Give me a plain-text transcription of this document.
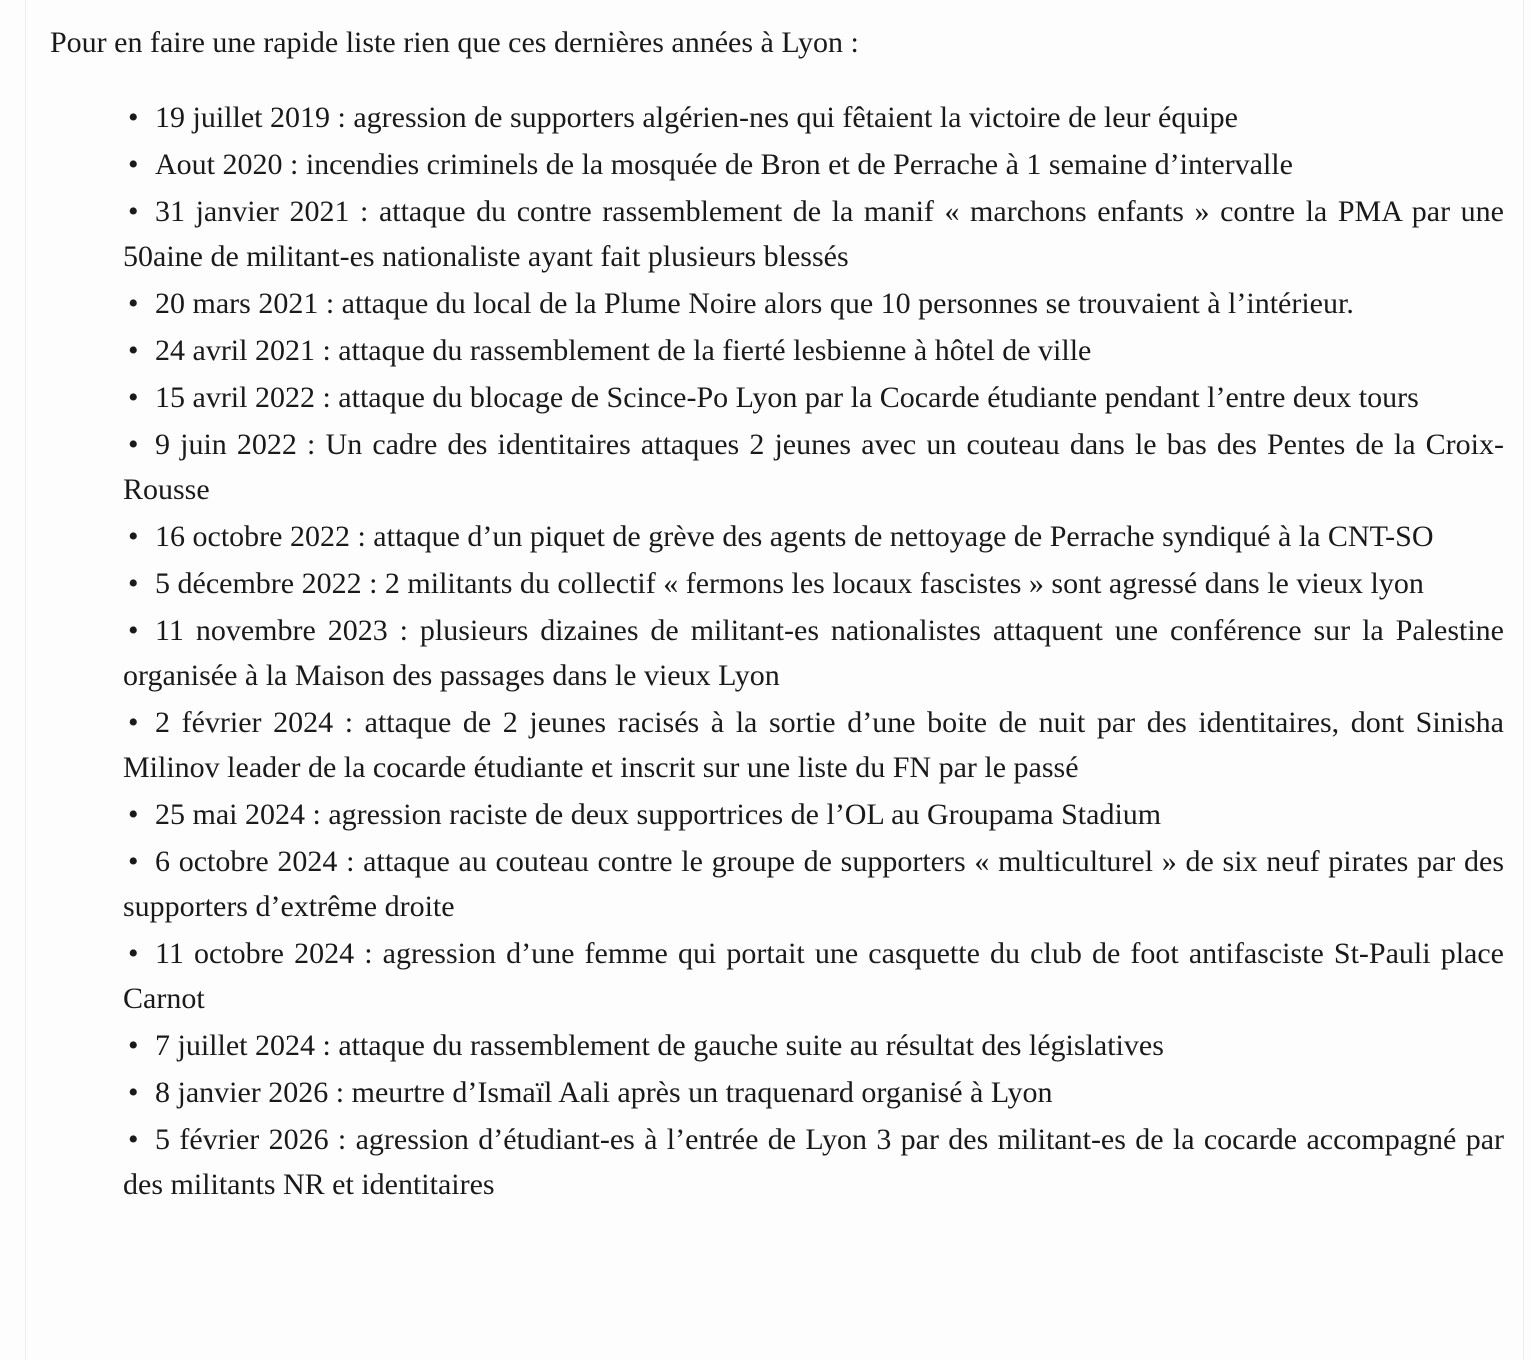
Pour en faire une rapide liste rien que ces dernières années à Lyon :

• 19 juillet 2019 : agression de supporters algérien-nes qui fêtaient la victoire de leur équipe
• Aout 2020 : incendies criminels de la mosquée de Bron et de Perrache à 1 semaine d’intervalle
• 31 janvier 2021 : attaque du contre rassemblement de la manif « marchons enfants » contre la PMA par une 50aine de militant-es nationaliste ayant fait plusieurs blessés
• 20 mars 2021 : attaque du local de la Plume Noire alors que 10 personnes se trouvaient à l’intérieur.
• 24 avril 2021 : attaque du rassemblement de la fierté lesbienne à hôtel de ville
• 15 avril 2022 : attaque du blocage de Scince-Po Lyon par la Cocarde étudiante pendant l’entre deux tours
• 9 juin 2022 : Un cadre des identitaires attaques 2 jeunes avec un couteau dans le bas des Pentes de la Croix-Rousse
• 16 octobre 2022 : attaque d’un piquet de grève des agents de nettoyage de Perrache syndiqué à la CNT-SO
• 5 décembre 2022 : 2 militants du collectif « fermons les locaux fascistes » sont agressé dans le vieux lyon
• 11 novembre 2023 : plusieurs dizaines de militant-es nationalistes attaquent une conférence sur la Palestine organisée à la Maison des passages dans le vieux Lyon
• 2 février 2024 : attaque de 2 jeunes racisés à la sortie d’une boite de nuit par des identitaires, dont Sinisha Milinov leader de la cocarde étudiante et inscrit sur une liste du FN par le passé
• 25 mai 2024 : agression raciste de deux supportrices de l’OL au Groupama Stadium
• 6 octobre 2024 : attaque au couteau contre le groupe de supporters « multiculturel » de six neuf pirates par des supporters d’extrême droite
• 11 octobre 2024 : agression d’une femme qui portait une casquette du club de foot antifasciste St-Pauli place Carnot
• 7 juillet 2024 : attaque du rassemblement de gauche suite au résultat des législatives
• 8 janvier 2026 : meurtre d’Ismaïl Aali après un traquenard organisé à Lyon
• 5 février 2026 : agression d’étudiant-es à l’entrée de Lyon 3 par des militant-es de la cocarde accompagné par des militants NR et identitaires
